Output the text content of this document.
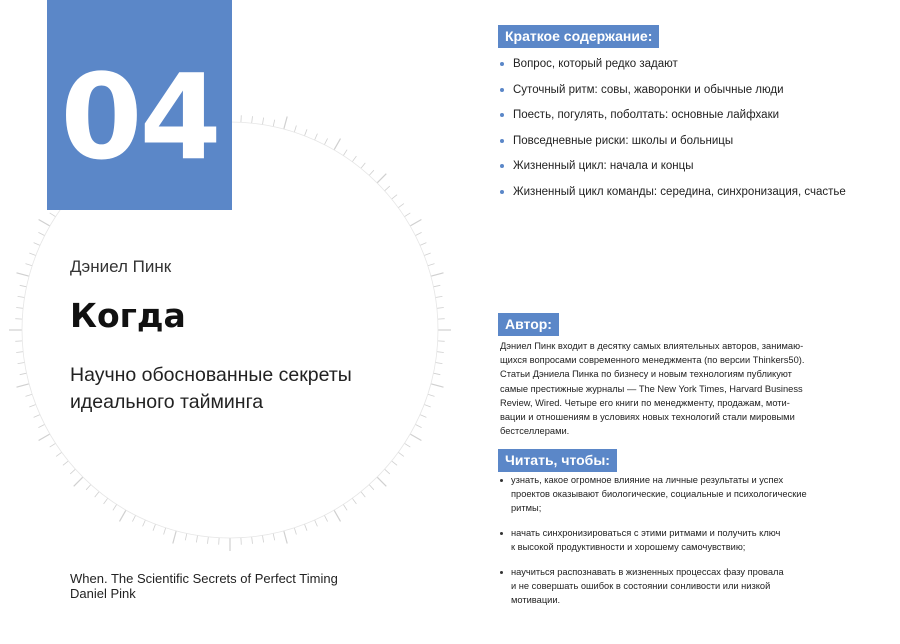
04
Дэниел Пинк
Когда
Научно обоснованные секреты идеального тайминга
When. The Scientific Secrets of Perfect Timing
Daniel Pink
Краткое содержание:
Вопрос, который редко задают
Суточный ритм: совы, жаворонки и обычные люди
Поесть, погулять, поболтать: основные лайфхаки
Повседневные риски: школы и больницы
Жизненный цикл: начала и концы
Жизненный цикл команды: середина, синхронизация, счастье
Автор:
Дэниел Пинк входит в десятку самых влиятельных авторов, занимаю-
щихся вопросами современного менеджмента (по версии Thinkers50).
Статьи Дэниела Пинка по бизнесу и новым технологиям публикуют
самые престижные журналы — The New York Times, Harvard Business
Review, Wired. Четыре его книги по менеджменту, продажам, моти-
вации и отношениям в условиях новых технологий стали мировыми
бестселлерами.
Читать, чтобы:
узнать, какое огромное влияние на личные результаты и успех
проектов оказывают биологические, социальные и психологические
ритмы;
начать синхронизироваться с этими ритмами и получить ключ
к высокой продуктивности и хорошему самочувствию;
научиться распознавать в жизненных процессах фазу провала
и не совершать ошибок в состоянии сонливости или низкой
мотивации.
